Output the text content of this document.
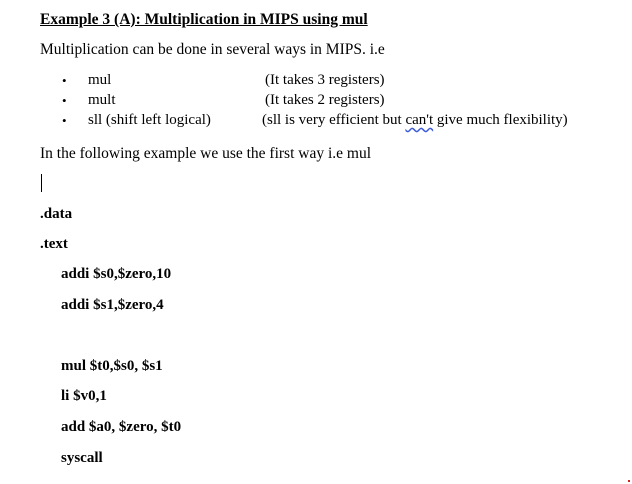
Example 3 (A): Multiplication in MIPS using mul
Multiplication can be done in several ways in MIPS. i.e
• mul	(It takes 3 registers)
• mult	(It takes 2 registers)
• sll (shift left logical)	(sll is very efficient but can't give much flexibility)
In the following example we use the first way i.e mul
.data
.text
addi $s0,$zero,10
addi $s1,$zero,4
mul $t0,$s0, $s1
li $v0,1
add $a0, $zero, $t0
syscall
